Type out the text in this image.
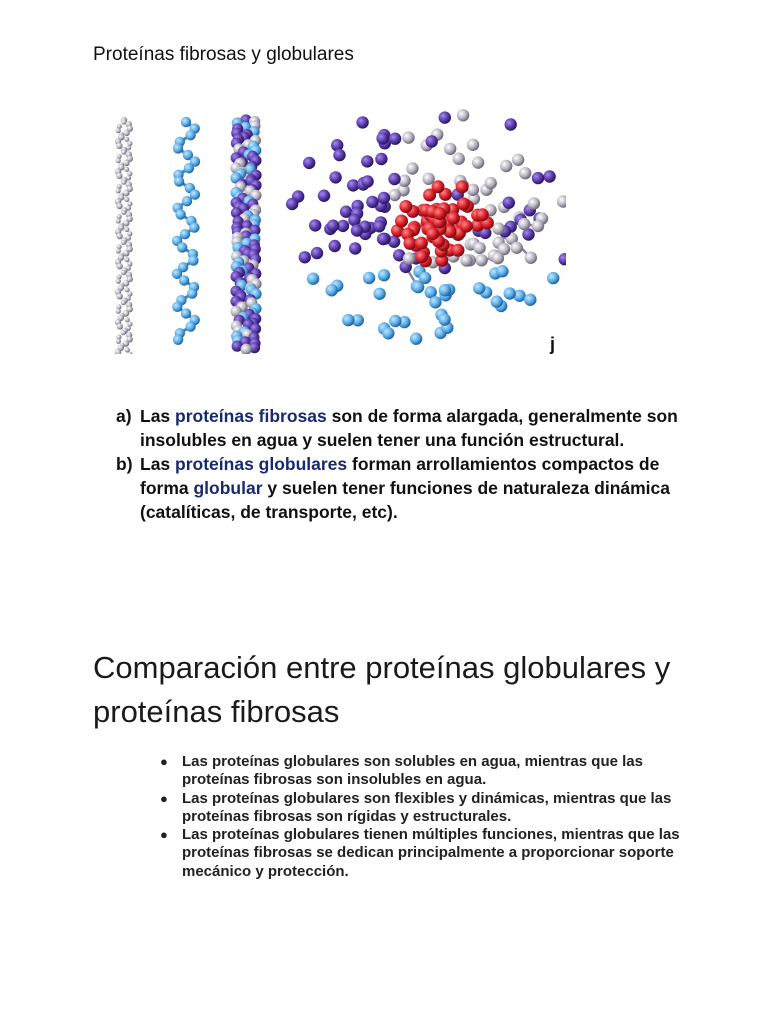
Proteínas fibrosas y globulares
j
a) Las proteínas fibrosas son de forma alargada, generalmente son insolubles en agua y suelen tener una función estructural.
b) Las proteínas globulares forman arrollamientos compactos de forma globular y suelen tener funciones de naturaleza dinámica (catalíticas, de transporte, etc).
Comparación entre proteínas globulares y proteínas fibrosas
● Las proteínas globulares son solubles en agua, mientras que las proteínas fibrosas son insolubles en agua.
● Las proteínas globulares son flexibles y dinámicas, mientras que las proteínas fibrosas son rígidas y estructurales.
● Las proteínas globulares tienen múltiples funciones, mientras que las proteínas fibrosas se dedican principalmente a proporcionar soporte mecánico y protección.
